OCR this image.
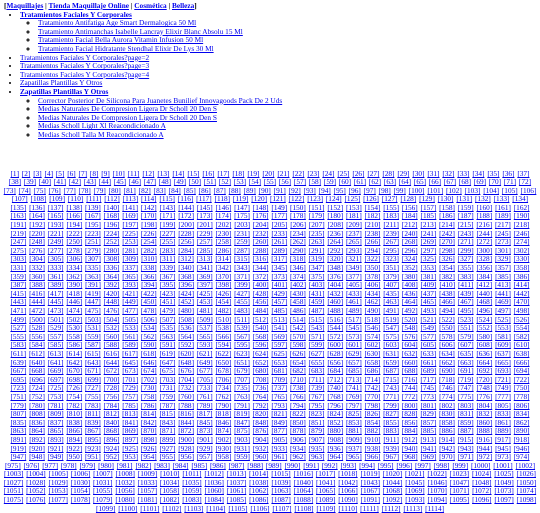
[Maquillajes | Tienda Maquillaje Online | Cosmética | Belleza]
• Tratamientos Faciales Y Corporales
◦ Tratamiento Antifatiga Age Smart Dermalogica 50 Ml
◦ Tratamiento Antimanchas Isabelle Lancray Elixir Blanc Absolu 15 Ml
◦ Tratamiento Facial Bella Aurora Vitamin Infusion 50 Ml
◦ Tratamiento Facial Hidratante Stendhal Elixir De Lys 30 Ml
• Tratamientos Faciales Y Corporales?page=2
• Tratamientos Faciales Y Corporales?page=3
• Tratamientos Faciales Y Corporales?page=4
• Zapatillas Plantillas Y Otros
• Zapatillas Plantillas Y Otros
◦ Corrector Posterior De Silicona Para Juanetes Bunilief Innovagoods Pack De 2 Uds
◦ Medias Naturales De Compresion Ligera Dr Scholl 20 Den S
◦ Medias Naturales De Compresion Ligera Dr Scholl 20 Den S
◦ Medias Scholl Light Xl Reacondicionado A
◦ Medias Scholl Talla M Reacondicionado A
[1] [2] [3] [4] [5] [6] [7] [8] [9] [10] [11] [12] [13] [14] [15] [16] [17] [18] [19] [20] [21] [22] [23] [24] [25] [26] [27] [28] [29] [30] [31] [32] [33] [34] [35] [36] [37] [38] [39] [40] [41] [42] [43] [44] [45] [46] [47] [48] [49] [50] [51] [52] [53] [54] [55] [56] [57] [58] [59] [60] [61] [62] [63] [64] [65] [66] [67] [68] [69] [70] [71] [72] [73] [74] [75] [76] [77] [78] [79] [80] [81] [82] [83] [84] [85] [86] [87] [88] [89] [90] [91] [92] [93] [94] [95] [96] [97] [98] [99] [100] [101] [102] [103] [104] [105] [106] [107] [108] [109] [110] [111] [112] [113] [114] [115] [116] [117] [118] [119] [120] [121] [122] [123] [124] [125] [126] [127] [128] [129] [130] [131] [132] [133] [134] [135] [136] [137] [138] [139] [140] [141] [142] [143] [144] [145] [146] [147] [148] [149] [150] [151] [152] [153] [154] [155] [156] [157] [158] [159] [160] [161] [162] [163] [164] [165] [166] [167] [168] [169] [170] [171] [172] [173] [174] [175] [176] [177] [178] [179] [180] [181] [182] [183] [184] [185] [186] [187] [188] [189] [190] [191] [192] [193] [194] [195] [196] [197] [198] [199] [200] [201] [202] [203] [204] [205] [206] [207] [208] [209] [210] [211] [212] [213] [214] [215] [216] [217] [218] [219] [220] [221] [222] [223] [224] [225] [226] [227] [228] [229] [230] [231] [232] [233] [234] [235] [236] [237] [238] [239] [240] [241] [242] [243] [244] [245] [246] [247] [248] [249] [250] [251] [252] [253] [254] [255] [256] [257] [258] [259] [260] [261] [262] [263] [264] [265] [266] [267] [268] [269] [270] [271] [272] [273] [274] [275] [276] [277] [278] [279] [280] [281] [282] [283] [284] [285] [286] [287] [288] [289] [290] [291] [292] [293] [294] [295] [296] [297] [298] [299] [300] [301] [302] [303] [304] [305] [306] [307] [308] [309] [310] [311] [312] [313] [314] [315] [316] [317] [318] [319] [320] [321] [322] [323] [324] [325] [326] [327] [328] [329] [330] [331] [332] [333] [334] [335] [336] [337] [338] [339] [340] [341] [342] [343] [344] [345] [346] [347] [348] [349] [350] [351] [352] [353] [354] [355] [356] [357] [358] [359] [360] [361] [362] [363] [364] [365] [366] [367] [368] [369] [370] [371] [372] [373] [374] [375] [376] [377] [378] [379] [380] [381] [382] [383] [384] [385] [386] [387] [388] [389] [390] [391] [392] [393] [394] [395] [396] [397] [398] [399] [400] [401] [402] [403] [404] [405] [406] [407] [408] [409] [410] [411] [412] [413] [414] [415] [416] [417] [418] [419] [420] [421] [422] [423] [424] [425] [426] [427] [428] [429] [430] [431] [432] [433] [434] [435] [436] [437] [438] [439] [440] [441] [442] [443] [444] [445] [446] [447] [448] [449] [450] [451] [452] [453] [454] [455] [456] [457] [458] [459] [460] [461] [462] [463] [464] [465] [466] [467] [468] [469] [470] [471] [472] [473] [474] [475] [476] [477] [478] [479] [480] [481] [482] [483] [484] [485] [486] [487] [488] [489] [490] [491] [492] [493] [494] [495] [496] [497] [498] [499] [500] [501] [502] [503] [504] [505] [506] [507] [508] [509] [510] [511] [512] [513] [514] [515] [516] [517] [518] [519] [520] [521] [522] [523] [524] [525] [526] [527] [528] [529] [530] [531] [532] [533] [534] [535] [536] [537] [538] [539] [540] [541] [542] [543] [544] [545] [546] [547] [548] [549] [550] [551] [552] [553] [554] [555] [556] [557] [558] [559] [560] [561] [562] [563] [564] [565] [566] [567] [568] [569] [570] [571] [572] [573] [574] [575] [576] [577] [578] [579] [580] [581] [582] [583] [584] [585] [586] [587] [588] [589] [590] [591] [592] [593] [594] [595] [596] [597] [598] [599] [600] [601] [602] [603] [604] [605] [606] [607] [608] [609] [610] [611] [612] [613] [614] [615] [616] [617] [618] [619] [620] [621] [622] [623] [624] [625] [626] [627] [628] [629] [630] [631] [632] [633] [634] [635] [636] [637] [638] [639] [640] [641] [642] [643] [644] [645] [646] [647] [648] [649] [650] [651] [652] [653] [654] [655] [656] [657] [658] [659] [660] [661] [662] [663] [664] [665] [666] [667] [668] [669] [670] [671] [672] [673] [674] [675] [676] [677] [678] [679] [680] [681] [682] [683] [684] [685] [686] [687] [688] [689] [690] [691] [692] [693] [694] [695] [696] [697] [698] [699] [700] [701] [702] [703] [704] [705] [706] [707] [708] [709] [710] [711] [712] [713] [714] [715] [716] [717] [718] [719] [720] [721] [722] [723] [724] [725] [726] [727] [728] [729] [730] [731] [732] [733] [734] [735] [736] [737] [738] [739] [740] [741] [742] [743] [744] [745] [746] [747] [748] [749] [750] [751] [752] [753] [754] [755] [756] [757] [758] [759] [760] [761] [762] [763] [764] [765] [766] [767] [768] [769] [770] [771] [772] [773] [774] [775] [776] [777] [778] [779] [780] [781] [782] [783] [784] [785] [786] [787] [788] [789] [790] [791] [792] [793] [794] [795] [796] [797] [798] [799] [800] [801] [802] [803] [804] [805] [806] [807] [808] [809] [810] [811] [812] [813] [814] [815] [816] [817] [818] [819] [820] [821] [822] [823] [824] [825] [826] [827] [828] [829] [830] [831] [832] [833] [834] [835] [836] [837] [838] [839] [840] [841] [842] [843] [844] [845] [846] [847] [848] [849] [850] [851] [852] [853] [854] [855] [856] [857] [858] [859] [860] [861] [862] [863] [864] [865] [866] [867] [868] [869] [870] [871] [872] [873] [874] [875] [876] [877] [878] [879] [880] [881] [882] [883] [884] [885] [886] [887] [888] [889] [890] [891] [892] [893] [894] [895] [896] [897] [898] [899] [900] [901] [902] [903] [904] [905] [906] [907] [908] [909] [910] [911] [912] [913] [914] [915] [916] [917] [918] [919] [920] [921] [922] [923] [924] [925] [926] [927] [928] [929] [930] [931] [932] [933] [934] [935] [936] [937] [938] [939] [940] [941] [942] [943] [944] [945] [946] [947] [948] [949] [950] [951] [952] [953] [954] [955] [956] [957] [958] [959] [960] [961] [962] [963] [964] [965] [966] [967] [968] [969] [970] [971] [972] [973] [974] [975] [976] [977] [978] [979] [980] [981] [982] [983] [984] [985] [986] [987] [988] [989] [990] [991] [992] [993] [994] [995] [996] [997] [998] [999] [1000] [1001] [1002] [1003] [1004] [1005] [1006] [1007] [1008] [1009] [1010] [1011] [1012] [1013] [1014] [1015] [1016] [1017] [1018] [1019] [1020] [1021] [1022] [1023] [1024] [1025] [1026] [1027] [1028] [1029] [1030] [1031] [1032] [1033] [1034] [1035] [1036] [1037] [1038] [1039] [1040] [1041] [1042] [1043] [1044] [1045] [1046] [1047] [1048] [1049] [1050] [1051] [1052] [1053] [1054] [1055] [1056] [1057] [1058] [1059] [1060] [1061] [1062] [1063] [1064] [1065] [1066] [1067] [1068] [1069] [1070] [1071] [1072] [1073] [1074] [1075] [1076] [1077] [1078] [1079] [1080] [1081] [1082] [1083] [1084] [1085] [1086] [1087] [1088] [1089] [1090] [1091] [1092] [1093] [1094] [1095] [1096] [1097] [1098] [1099] [1100] [1101] [1102] [1103] [1104] [1105] [1106] [1107] [1108] [1109] [1110] [1111] [1112] [1113] [1114]
